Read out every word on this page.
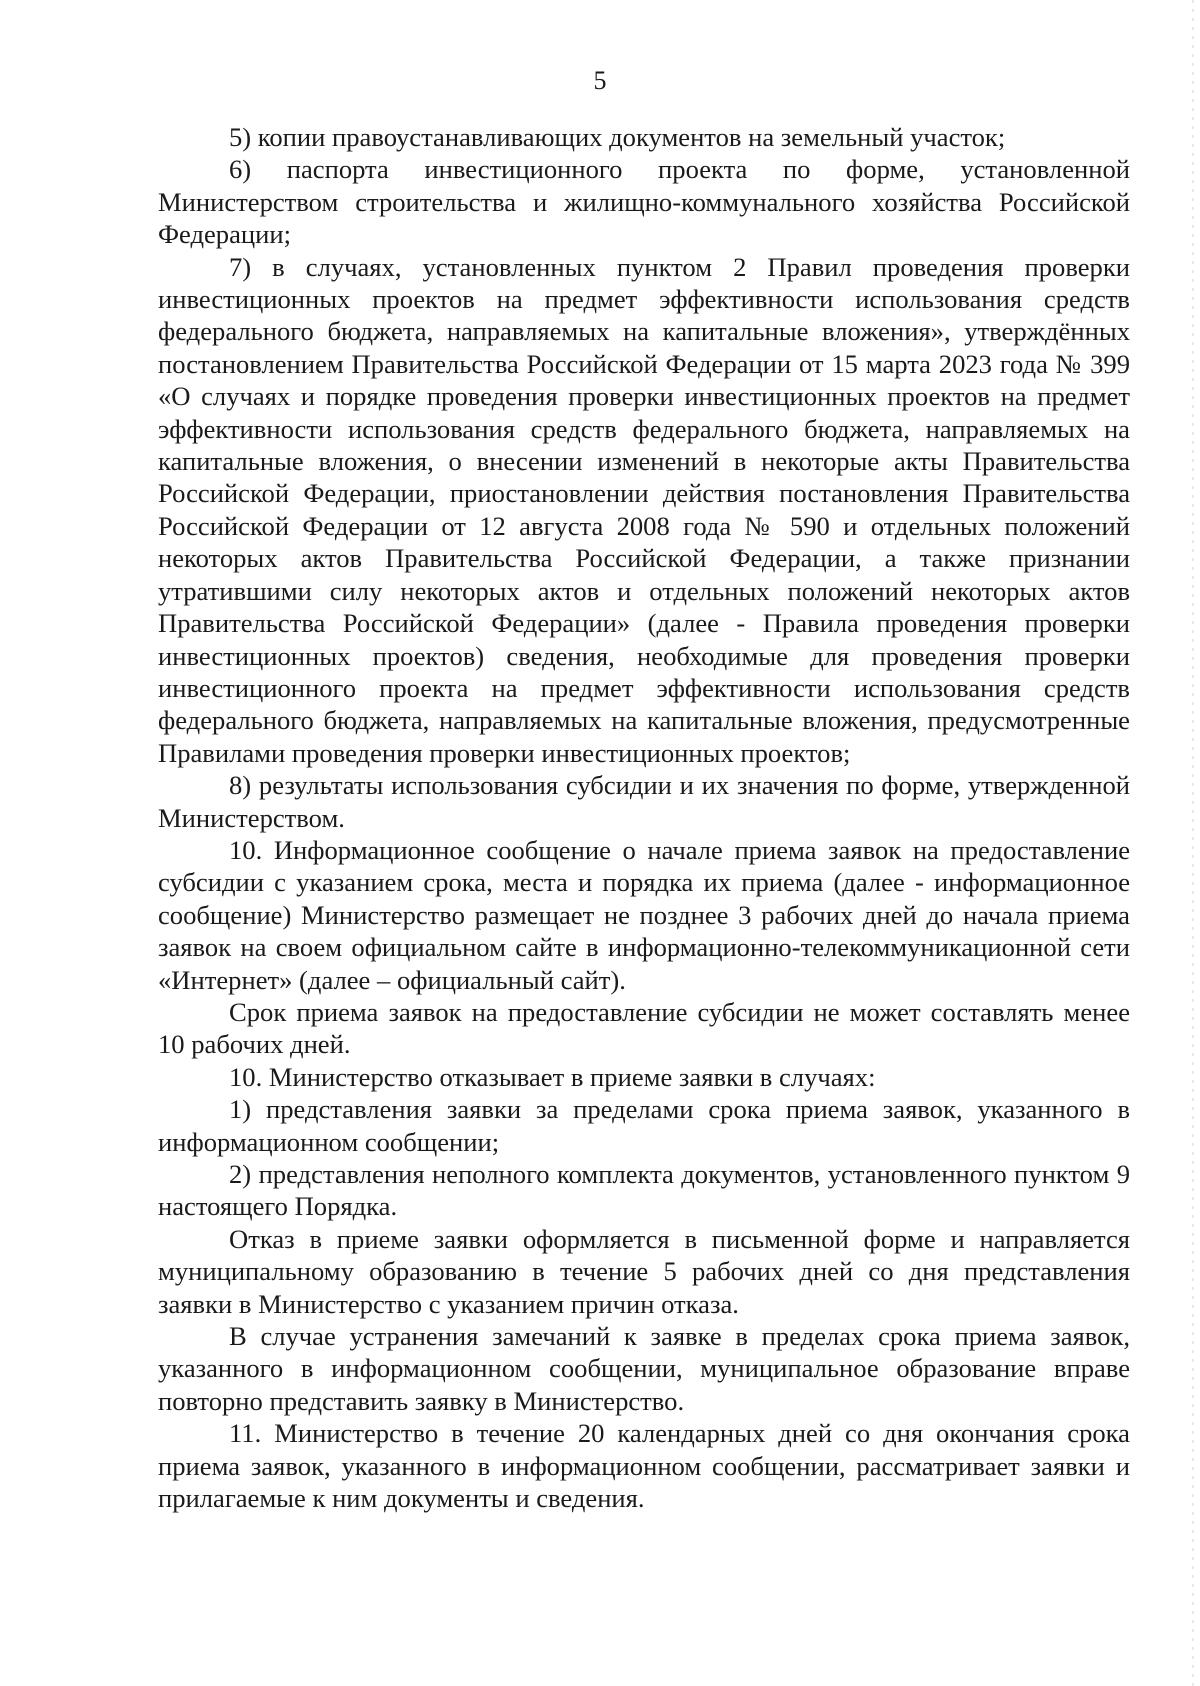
5

5) копии правоустанавливающих документов на земельный участок;

6) паспорта инвестиционного проекта по форме, установленной Министерством строительства и жилищно-коммунального хозяйства Российской Федерации;

7) в случаях, установленных пунктом 2 Правил проведения проверки инвестиционных проектов на предмет эффективности использования средств федерального бюджета, направляемых на капитальные вложения», утверждённых постановлением Правительства Российской Федерации от 15 марта 2023 года № 399 «О случаях и порядке проведения проверки инвестиционных проектов на предмет эффективности использования средств федерального бюджета, направляемых на капитальные вложения, о внесении изменений в некоторые акты Правительства Российской Федерации, приостановлении действия постановления Правительства Российской Федерации от 12 августа 2008 года № 590 и отдельных положений некоторых актов Правительства Российской Федерации, а также признании утратившими силу некоторых актов и отдельных положений некоторых актов Правительства Российской Федерации» (далее - Правила проведения проверки инвестиционных проектов) сведения, необходимые для проведения проверки инвестиционного проекта на предмет эффективности использования средств федерального бюджета, направляемых на капитальные вложения, предусмотренные Правилами проведения проверки инвестиционных проектов;

8) результаты использования субсидии и их значения по форме, утвержденной Министерством.

10. Информационное сообщение о начале приема заявок на предоставление субсидии с указанием срока, места и порядка их приема (далее - информационное сообщение) Министерство размещает не позднее 3 рабочих дней до начала приема заявок на своем официальном сайте в информационно-телекоммуникационной сети «Интернет» (далее – официальный сайт).

Срок приема заявок на предоставление субсидии не может составлять менее 10 рабочих дней.

10. Министерство отказывает в приеме заявки в случаях:

1) представления заявки за пределами срока приема заявок, указанного в информационном сообщении;

2) представления неполного комплекта документов, установленного пунктом 9 настоящего Порядка.

Отказ в приеме заявки оформляется в письменной форме и направляется муниципальному образованию в течение 5 рабочих дней со дня представления заявки в Министерство с указанием причин отказа.

В случае устранения замечаний к заявке в пределах срока приема заявок, указанного в информационном сообщении, муниципальное образование вправе повторно представить заявку в Министерство.

11. Министерство в течение 20 календарных дней со дня окончания срока приема заявок, указанного в информационном сообщении, рассматривает заявки и прилагаемые к ним документы и сведения.
